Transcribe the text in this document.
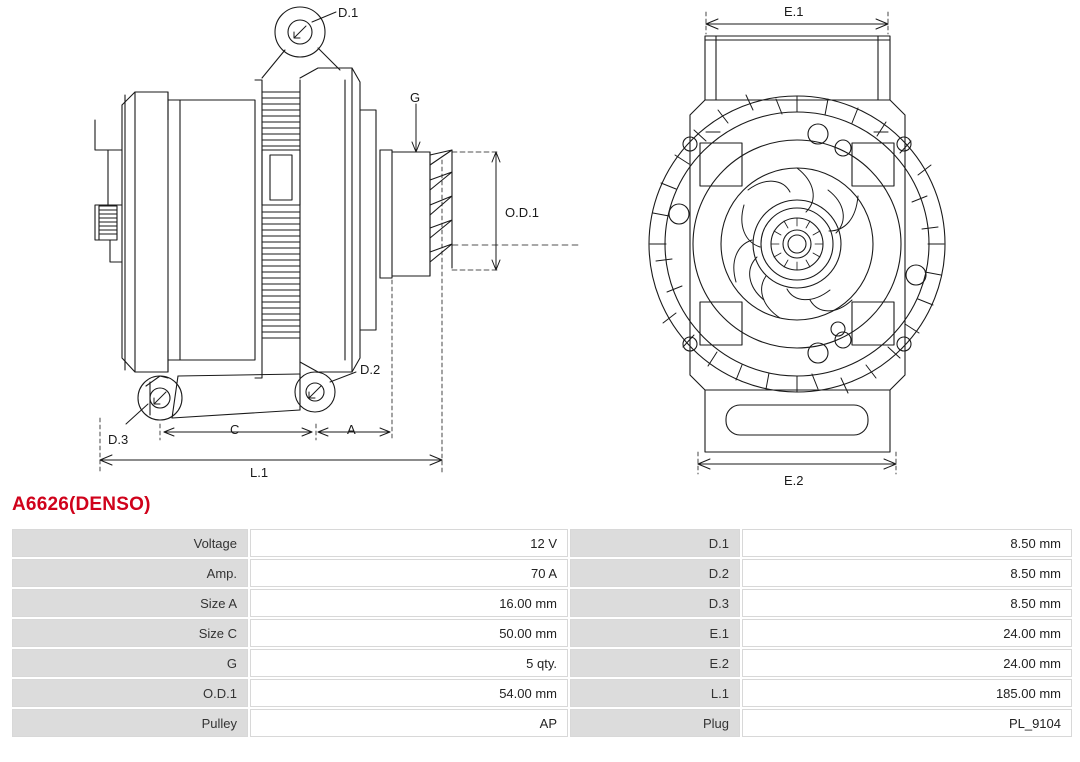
D.1
G
O.D.1
D.2
D.3
A
C
L.1
E.1
E.2
A6626(DENSO)
Voltage	12 V	D.1	8.50 mm
Amp.	70 A	D.2	8.50 mm
Size A	16.00 mm	D.3	8.50 mm
Size C	50.00 mm	E.1	24.00 mm
G	5 qty.	E.2	24.00 mm
O.D.1	54.00 mm	L.1	185.00 mm
Pulley	AP	Plug	PL_9104
